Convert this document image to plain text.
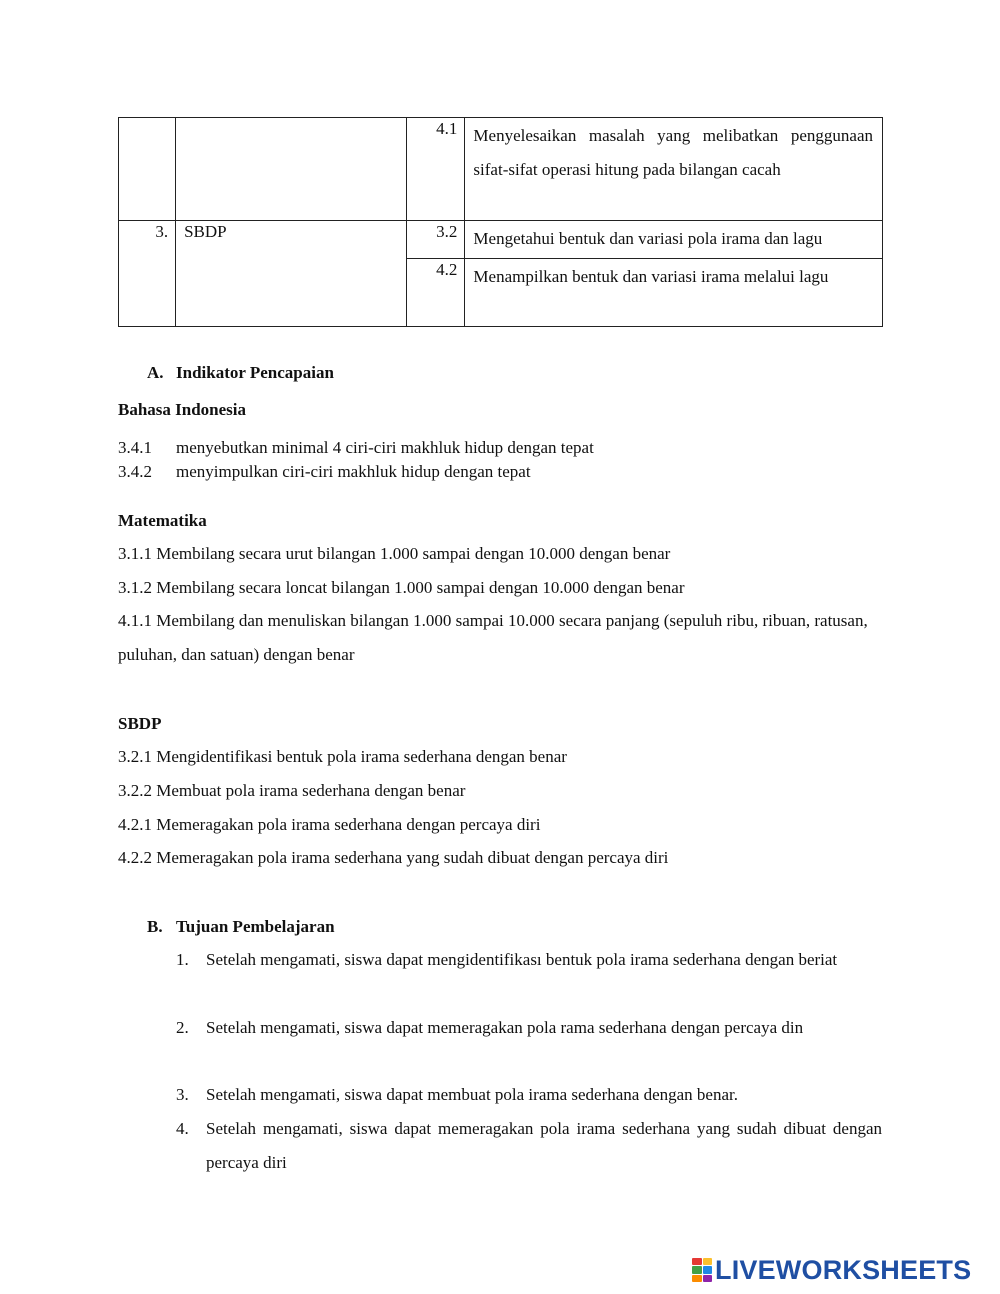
		4.1	Menyelesaikan masalah yang melibatkan penggunaan sifat-sifat operasi hitung pada bilangan cacah
3.	SBDP	3.2	Mengetahui bentuk dan variasi pola irama dan lagu
		4.2	Menampilkan bentuk dan variasi irama melalui lagu
A. Indikator Pencapaian
Bahasa Indonesia
3.4.1 menyebutkan minimal 4 ciri-ciri makhluk hidup dengan tepat
3.4.2 menyimpulkan ciri-ciri makhluk hidup dengan tepat
Matematika
3.1.1 Membilang secara urut bilangan 1.000 sampai dengan 10.000 dengan benar
3.1.2 Membilang secara loncat bilangan 1.000 sampai dengan 10.000 dengan benar
4.1.1 Membilang dan menuliskan bilangan 1.000 sampai 10.000 secara panjang (sepuluh ribu, ribuan, ratusan, puluhan, dan satuan) dengan benar
SBDP
3.2.1 Mengidentifikasi bentuk pola irama sederhana dengan benar
3.2.2 Membuat pola irama sederhana dengan benar
4.2.1 Memeragakan pola irama sederhana dengan percaya diri
4.2.2 Memeragakan pola irama sederhana yang sudah dibuat dengan percaya diri
B. Tujuan Pembelajaran
1. Setelah mengamati, siswa dapat mengidentifikası bentuk pola irama sederhana dengan beriat
2. Setelah mengamati, siswa dapat memeragakan pola rama sederhana dengan percaya din
3. Setelah mengamati, siswa dapat membuat pola irama sederhana dengan benar.
4. Setelah mengamati, siswa dapat memeragakan pola irama sederhana yang sudah dibuat dengan percaya diri
LIVEWORKSHEETS
